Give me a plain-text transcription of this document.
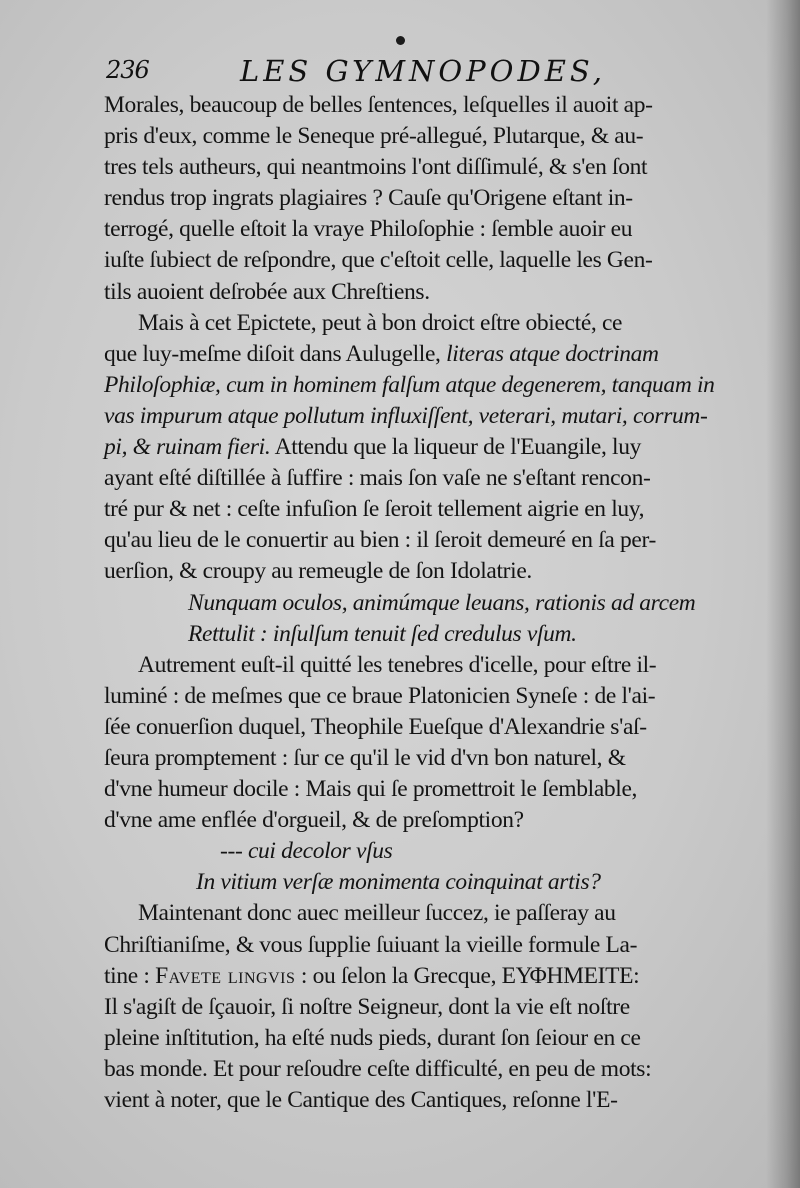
236	LES GYMNOPODES,
Morales, beaucoup de belles ſentences, leſquelles il auoit ap-
pris d'eux, comme le Seneque pré-allegué, Plutarque, & au-
tres tels autheurs, qui neantmoins l'ont diſſimulé, & s'en ſont
rendus trop ingrats plagiaires ? Cauſe qu'Origene eſtant in-
terrogé, quelle eſtoit la vraye Philoſophie : ſemble auoir eu
iuſte ſubiect de reſpondre, que c'eſtoit celle, laquelle les Gen-
tils auoient deſrobée aux Chreſtiens.
Mais à cet Epictete, peut à bon droict eſtre obiecté, ce
que luy-meſme diſoit dans Aulugelle, literas atque doctrinam
Philoſophiæ, cum in hominem falſum atque degenerem, tanquam in
vas impurum atque pollutum influxiſſent, veterari, mutari, corrum-
pi, & ruinam fieri. Attendu que la liqueur de l'Euangile, luy
ayant eſté diſtillée à ſuffire : mais ſon vaſe ne s'eſtant rencon-
tré pur & net : ceſte infuſion ſe ſeroit tellement aigrie en luy,
qu'au lieu de le conuertir au bien : il ſeroit demeuré en ſa per-
uerſion, & croupy au remeugle de ſon Idolatrie.
Nunquam oculos, animúmque leuans, rationis ad arcem
Rettulit : inſulſum tenuit ſed credulus vſum.
Autrement euſt-il quitté les tenebres d'icelle, pour eſtre il-
luminé : de meſmes que ce braue Platonicien Syneſe : de l'ai-
ſée conuerſion duquel, Theophile Eueſque d'Alexandrie s'aſ-
ſeura promptement : ſur ce qu'il le vid d'vn bon naturel, &
d'vne humeur docile : Mais qui ſe promettroit le ſemblable,
d'vne ame enflée d'orgueil, & de preſomption?
--- cui decolor vſus
In vitium verſæ monimenta coinquinat artis?
Maintenant donc auec meilleur ſuccez, ie paſſeray au
Chriſtianiſme, & vous ſupplie ſuiuant la vieille formule La-
tine : Favete lingvis : ou ſelon la Grecque, ΕΥΦΗΜΕΙΤΕ:
Il s'agiſt de ſçauoir, ſi noſtre Seigneur, dont la vie eſt noſtre
pleine inſtitution, ha eſté nuds pieds, durant ſon ſeiour en ce
bas monde. Et pour reſoudre ceſte difficulté, en peu de mots:
vient à noter, que le Cantique des Cantiques, reſonne l'E-
